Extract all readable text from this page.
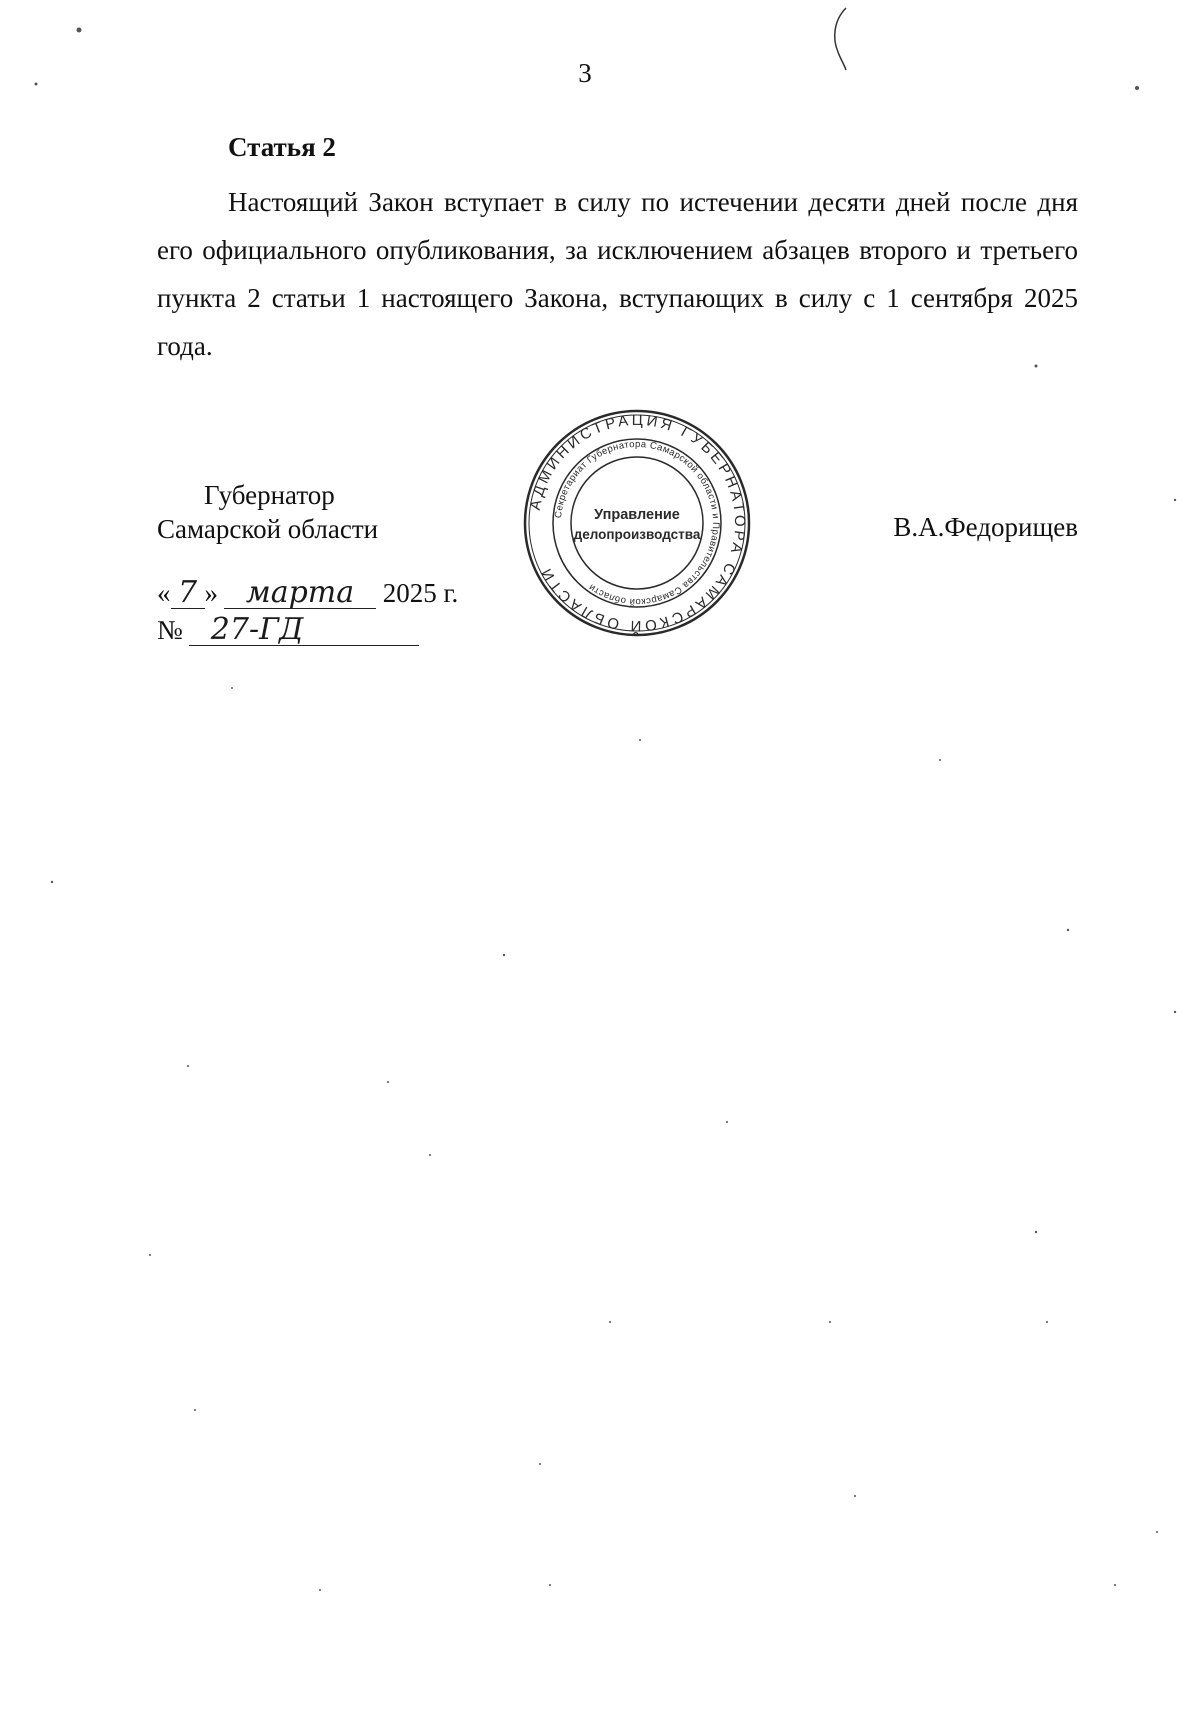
3
Статья 2

Настоящий Закон вступает в силу по истечении десяти дней после дня его официального опубликования, за исключением абзацев второго и третьего пункта 2 статьи 1 настоящего Закона, вступающих в силу с 1 сентября 2025 года.

Губернатор
Самарской области	В.А.Федорищев
АДМИНИСТРАЦИЯ ГУБЕРНАТОРА САМАРСКОЙ ОБЛАСТИ
Секретариат Губернатора Самарской области и Правительства Самарской области
Управление
делопроизводства
« 7 » марта 2025 г.
№ 27-ГД
